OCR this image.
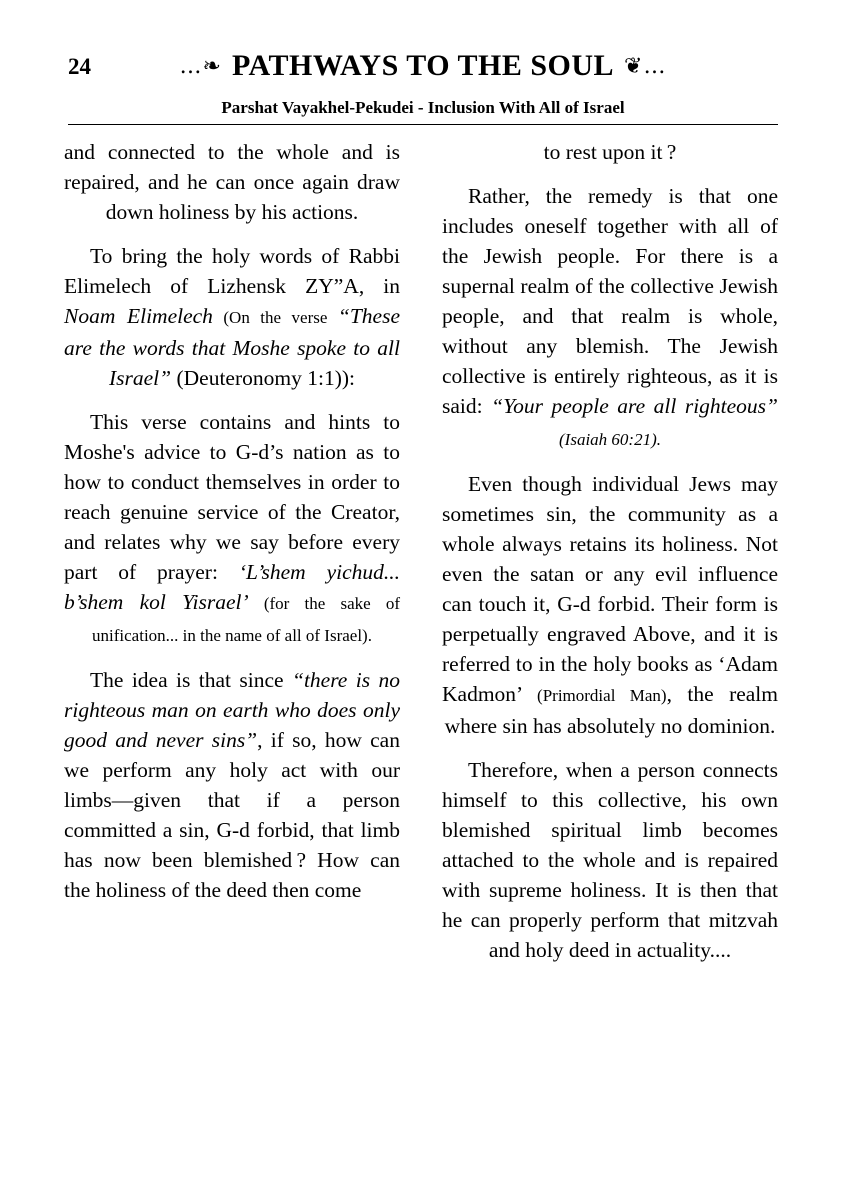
24	…❧ PATHWAYS TO THE SOUL ❦…
Parshat Vayakhel-Pekudei - Inclusion With All of Israel

and connected to the whole and is repaired, and he can once again draw down holiness by his actions.

To bring the holy words of Rabbi Elimelech of Lizhensk ZY”A, in Noam Elimelech (On the verse “These are the words that Moshe spoke to all Israel” (Deuteronomy 1:1)):

This verse contains and hints to Moshe's advice to G‑d’s nation as to how to conduct themselves in order to reach genuine service of the Creator, and relates why we say before every part of prayer: ‘L’shem yichud... b’shem kol Yisrael’ (for the sake of unification... in the name of all of Israel).

The idea is that since “there is no righteous man on earth who does only good and never sins”, if so, how can we perform any holy act with our limbs—given that if a person committed a sin, G‑d forbid, that limb has now been blemished ? How can the holiness of the deed then come

to rest upon it ?

Rather, the remedy is that one includes oneself together with all of the Jewish people. For there is a supernal realm of the collective Jewish people, and that realm is whole, without any blemish. The Jewish collective is entirely righteous, as it is said: “Your people are all righteous” (Isaiah 60:21).

Even though individual Jews may sometimes sin, the community as a whole always retains its holiness. Not even the satan or any evil influence can touch it, G‑d forbid. Their form is perpetually engraved Above, and it is referred to in the holy books as ‘Adam Kadmon’ (Primordial Man), the realm where sin has absolutely no dominion.

Therefore, when a person connects himself to this collective, his own blemished spiritual limb becomes attached to the whole and is repaired with supreme holiness. It is then that he can properly perform that mitzvah and holy deed in actuality....
